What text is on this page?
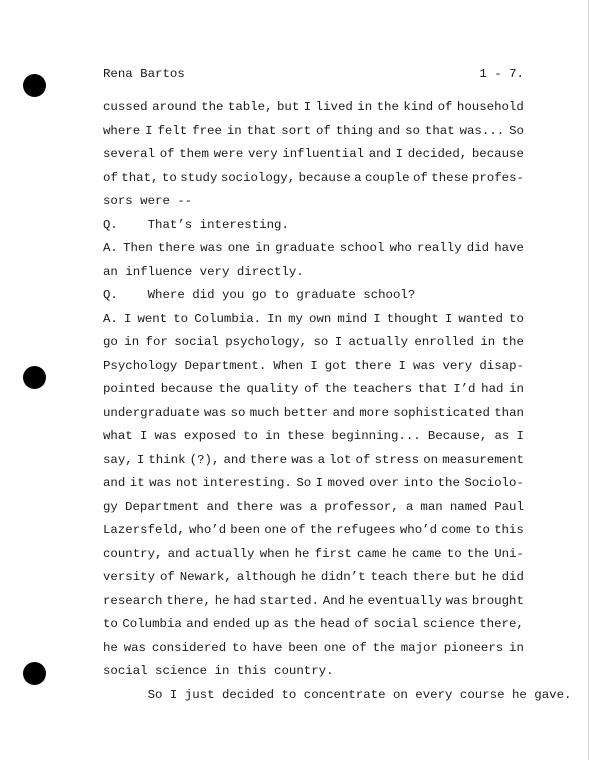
Rena Bartos	1 - 7.
cussed around the table, but I lived in the kind of household
where I felt free in that sort of thing and so that was... So
several of them were very influential and I decided, because
of that, to study sociology, because a couple of these profes-
sors were --
Q.    That’s interesting.
A. Then there was one in graduate school who really did have
an influence very directly.
Q.    Where did you go to graduate school?
A. I went to Columbia. In my own mind I thought I wanted to
go in for social psychology, so I actually enrolled in the
Psychology Department. When I got there I was very disap-
pointed because the quality of the teachers that I’d had in
undergraduate was so much better and more sophisticated than
what I was exposed to in these beginning... Because, as I
say, I think (?), and there was a lot of stress on measurement
and it was not interesting. So I moved over into the Sociolo-
gy Department and there was a professor, a man named Paul
Lazersfeld, who’d been one of the refugees who’d come to this
country, and actually when he first came he came to the Uni-
versity of Newark, although he didn’t teach there but he did
research there, he had started. And he eventually was brought
to Columbia and ended up as the head of social science there,
he was considered to have been one of the major pioneers in
social science in this country.
So I just decided to concentrate on every course he gave.
